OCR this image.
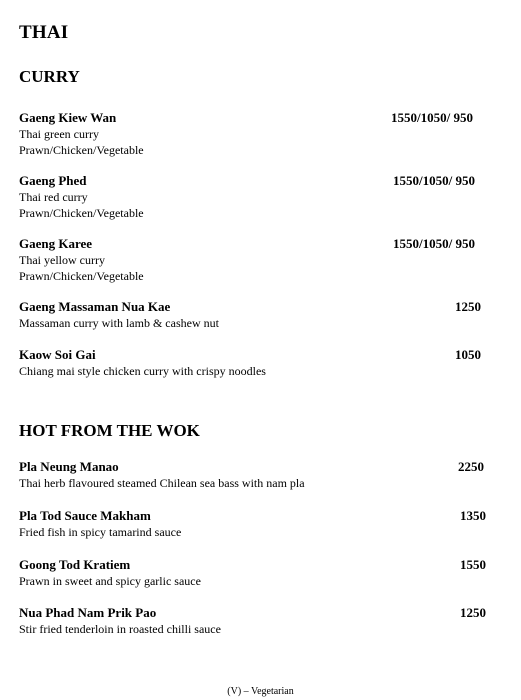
THAI
CURRY
Gaeng Kiew Wan	1550/1050/ 950
Thai green curry
Prawn/Chicken/Vegetable
Gaeng Phed	1550/1050/ 950
Thai red curry
Prawn/Chicken/Vegetable
Gaeng Karee	1550/1050/ 950
Thai yellow curry
Prawn/Chicken/Vegetable
Gaeng Massaman Nua Kae	1250
Massaman curry with lamb & cashew nut
Kaow Soi Gai	1050
Chiang mai style chicken curry with crispy noodles
HOT FROM THE WOK
Pla Neung Manao	2250
Thai herb flavoured steamed Chilean sea bass with nam pla
Pla Tod Sauce Makham	1350
Fried fish in spicy tamarind sauce
Goong Tod Kratiem	1550
Prawn in sweet and spicy garlic sauce
Nua Phad Nam Prik Pao	1250
Stir fried tenderloin in roasted chilli sauce
(V) – Vegetarian
